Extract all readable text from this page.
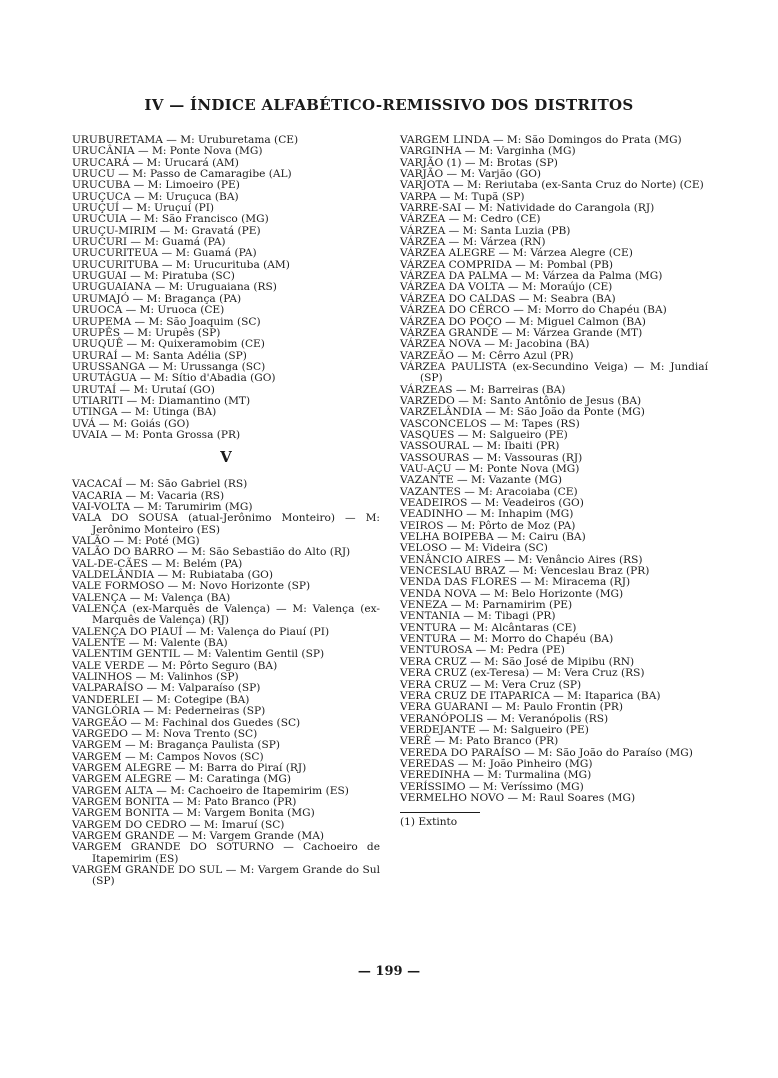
IV — ÍNDICE ALFABÉTICO-REMISSIVO DOS DISTRITOS
URUBURETAMA — M: Uruburetama (CE)
URUCÂNIA — M: Ponte Nova (MG)
URUCARÁ — M: Urucará (AM)
URUCU — M: Passo de Camaragibe (AL)
URUCUBA — M: Limoeiro (PE)
URUÇUCA — M: Uruçuca (BA)
URUÇUÍ — M: Uruçuí (PI)
URUCUIA — M: São Francisco (MG)
URUÇU-MIRIM — M: Gravatá (PE)
URUCURI — M: Guamá (PA)
URUCURITEUA — M: Guamá (PA)
URUCURITUBA — M: Urucurituba (AM)
URUGUAI — M: Piratuba (SC)
URUGUAIANA — M: Uruguaiana (RS)
URUMAJÓ — M: Bragança (PA)
URUOCA — M: Uruoca (CE)
URUPEMA — M: São Joaquim (SC)
URUPÊS — M: Urupês (SP)
URUQUÊ — M: Quixeramobim (CE)
URURAÍ — M: Santa Adélia (SP)
URUSSANGA — M: Urussanga (SC)
URUTÁGUA — M: Sítio d'Abadia (GO)
URUTAÍ — M: Urutaí (GO)
UTIARITI — M: Diamantino (MT)
UTINGA — M: Utinga (BA)
UVÁ — M: Goiás (GO)
UVAIA — M: Ponta Grossa (PR)
V
VACACAÍ — M: São Gabriel (RS)
VACARIA — M: Vacaria (RS)
VAI-VOLTA — M: Tarumirim (MG)
VALA DO SOUSA (atual-Jerônimo Monteiro) — M: Jerônimo Monteiro (ES)
VALÃO — M: Poté (MG)
VALÃO DO BARRO — M: São Sebastião do Alto (RJ)
VAL-DE-CÃES — M: Belém (PA)
VALDELÂNDIA — M: Rubiataba (GO)
VALE FORMOSO — M: Novo Horizonte (SP)
VALENÇA — M: Valença (BA)
VALENÇA (ex-Marquês de Valença) — M: Valença (ex-Marquês de Valença) (RJ)
VALENÇA DO PIAUÍ — M: Valença do Piauí (PI)
VALENTE — M: Valente (BA)
VALENTIM GENTIL — M: Valentim Gentil (SP)
VALE VERDE — M: Pôrto Seguro (BA)
VALINHOS — M: Valinhos (SP)
VALPARAÍSO — M: Valparaíso (SP)
VANDERLEI — M: Cotegipe (BA)
VANGLÓRIA — M: Pederneiras (SP)
VARGEÃO — M: Fachinal dos Guedes (SC)
VARGEDO — M: Nova Trento (SC)
VARGEM — M: Bragança Paulista (SP)
VARGEM — M: Campos Novos (SC)
VARGEM ALEGRE — M: Barra do Piraí (RJ)
VARGEM ALEGRE — M: Caratinga (MG)
VARGEM ALTA — M: Cachoeiro de Itapemirim (ES)
VARGEM BONITA — M: Pato Branco (PR)
VARGEM BONITA — M: Vargem Bonita (MG)
VARGEM DO CEDRO — M: Imaruí (SC)
VARGEM GRANDE — M: Vargem Grande (MA)
VARGEM GRANDE DO SOTURNO — Cachoeiro de Itapemirim (ES)
VARGEM GRANDE DO SUL — M: Vargem Grande do Sul (SP)
VARGEM LINDA — M: São Domingos do Prata (MG)
VARGINHA — M: Varginha (MG)
VARJÃO (1) — M: Brotas (SP)
VARJÃO — M: Varjão (GO)
VARJOTA — M: Reriutaba (ex-Santa Cruz do Norte) (CE)
VARPA — M: Tupã (SP)
VARRE-SAI — M: Natividade do Carangola (RJ)
VÁRZEA — M: Cedro (CE)
VÁRZEA — M: Santa Luzia (PB)
VÁRZEA — M: Várzea (RN)
VÁRZEA ALEGRE — M: Várzea Alegre (CE)
VÁRZEA COMPRIDA — M: Pombal (PB)
VÁRZEA DA PALMA — M: Várzea da Palma (MG)
VÁRZEA DA VOLTA — M: Moraújo (CE)
VÁRZEA DO CALDAS — M: Seabra (BA)
VÁRZEA DO CÊRCO — M: Morro do Chapéu (BA)
VÁRZEA DO POÇO — M: Miguel Calmon (BA)
VÁRZEA GRANDE — M: Várzea Grande (MT)
VÁRZEA NOVA — M: Jacobina (BA)
VARZEÃO — M: Cêrro Azul (PR)
VÁRZEA PAULISTA (ex-Secundino Veiga) — M: Jundiaí (SP)
VÁRZEAS — M: Barreiras (BA)
VARZEDO — M: Santo Antônio de Jesus (BA)
VARZELÂNDIA — M: São João da Ponte (MG)
VASCONCELOS — M: Tapes (RS)
VASQUES — M: Salgueiro (PE)
VASSOURAL — M: Ibaiti (PR)
VASSOURAS — M: Vassouras (RJ)
VAU-AÇU — M: Ponte Nova (MG)
VAZANTE — M: Vazante (MG)
VAZANTES — M: Aracoiaba (CE)
VEADEIROS — M: Veadeiros (GO)
VEADINHO — M: Inhapim (MG)
VEIROS — M: Pôrto de Moz (PA)
VELHA BOIPEBA — M: Cairu (BA)
VELOSO — M: Videira (SC)
VENÂNCIO AIRES — M: Venâncio Aires (RS)
VENCESLAU BRAZ — M: Venceslau Braz (PR)
VENDA DAS FLORES — M: Miracema (RJ)
VENDA NOVA — M: Belo Horizonte (MG)
VENEZA — M: Parnamirim (PE)
VENTANIA — M: Tibagi (PR)
VENTURA — M: Alcântaras (CE)
VENTURA — M: Morro do Chapéu (BA)
VENTUROSA — M: Pedra (PE)
VERA CRUZ — M: São José de Mipibu (RN)
VERA CRUZ (ex-Teresa) — M: Vera Cruz (RS)
VERA CRUZ — M: Vera Cruz (SP)
VERA CRUZ DE ITAPARICA — M: Itaparica (BA)
VERA GUARANI — M: Paulo Frontin (PR)
VERANÓPOLIS — M: Veranópolis (RS)
VERDEJANTE — M: Salgueiro (PE)
VERÊ — M: Pato Branco (PR)
VEREDA DO PARAÍSO — M: São João do Paraíso (MG)
VEREDAS — M: João Pinheiro (MG)
VEREDINHA — M: Turmalina (MG)
VERÍSSIMO — M: Veríssimo (MG)
VERMELHO NOVO — M: Raul Soares (MG)
(1) Extinto
— 199 —
